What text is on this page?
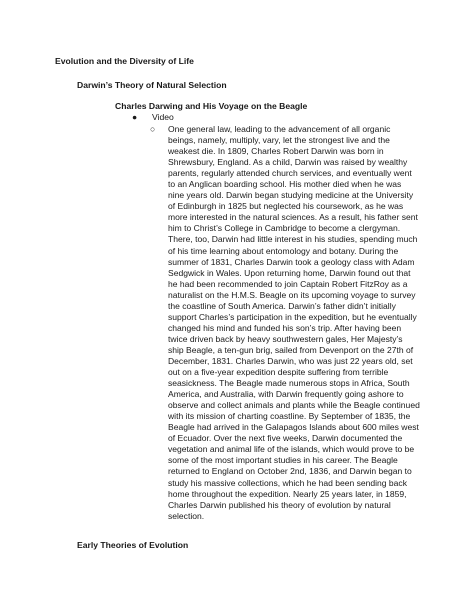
Evolution and the Diversity of Life
Darwin’s Theory of Natural Selection
Charles Darwing and His Voyage on the Beagle
●	Video
○ One general law, leading to the advancement of all organic
beings, namely, multiply, vary, let the strongest live and the
weakest die. In 1809, Charles Robert Darwin was born in
Shrewsbury, England. As a child, Darwin was raised by wealthy
parents, regularly attended church services, and eventually went
to an Anglican boarding school. His mother died when he was
nine years old. Darwin began studying medicine at the University
of Edinburgh in 1825 but neglected his coursework, as he was
more interested in the natural sciences. As a result, his father sent
him to Christ’s College in Cambridge to become a clergyman.
There, too, Darwin had little interest in his studies, spending much
of his time learning about entomology and botany. During the
summer of 1831, Charles Darwin took a geology class with Adam
Sedgwick in Wales. Upon returning home, Darwin found out that
he had been recommended to join Captain Robert FitzRoy as a
naturalist on the H.M.S. Beagle on its upcoming voyage to survey
the coastline of South America. Darwin’s father didn’t initially
support Charles’s participation in the expedition, but he eventually
changed his mind and funded his son’s trip. After having been
twice driven back by heavy southwestern gales, Her Majesty’s
ship Beagle, a ten-gun brig, sailed from Devenport on the 27th of
December, 1831. Charles Darwin, who was just 22 years old, set
out on a five-year expedition despite suffering from terrible
seasickness. The Beagle made numerous stops in Africa, South
America, and Australia, with Darwin frequently going ashore to
observe and collect animals and plants while the Beagle continued
with its mission of charting coastline. By September of 1835, the
Beagle had arrived in the Galapagos Islands about 600 miles west
of Ecuador. Over the next five weeks, Darwin documented the
vegetation and animal life of the islands, which would prove to be
some of the most important studies in his career. The Beagle
returned to England on October 2nd, 1836, and Darwin began to
study his massive collections, which he had been sending back
home throughout the expedition. Nearly 25 years later, in 1859,
Charles Darwin published his theory of evolution by natural
selection.
Early Theories of Evolution
